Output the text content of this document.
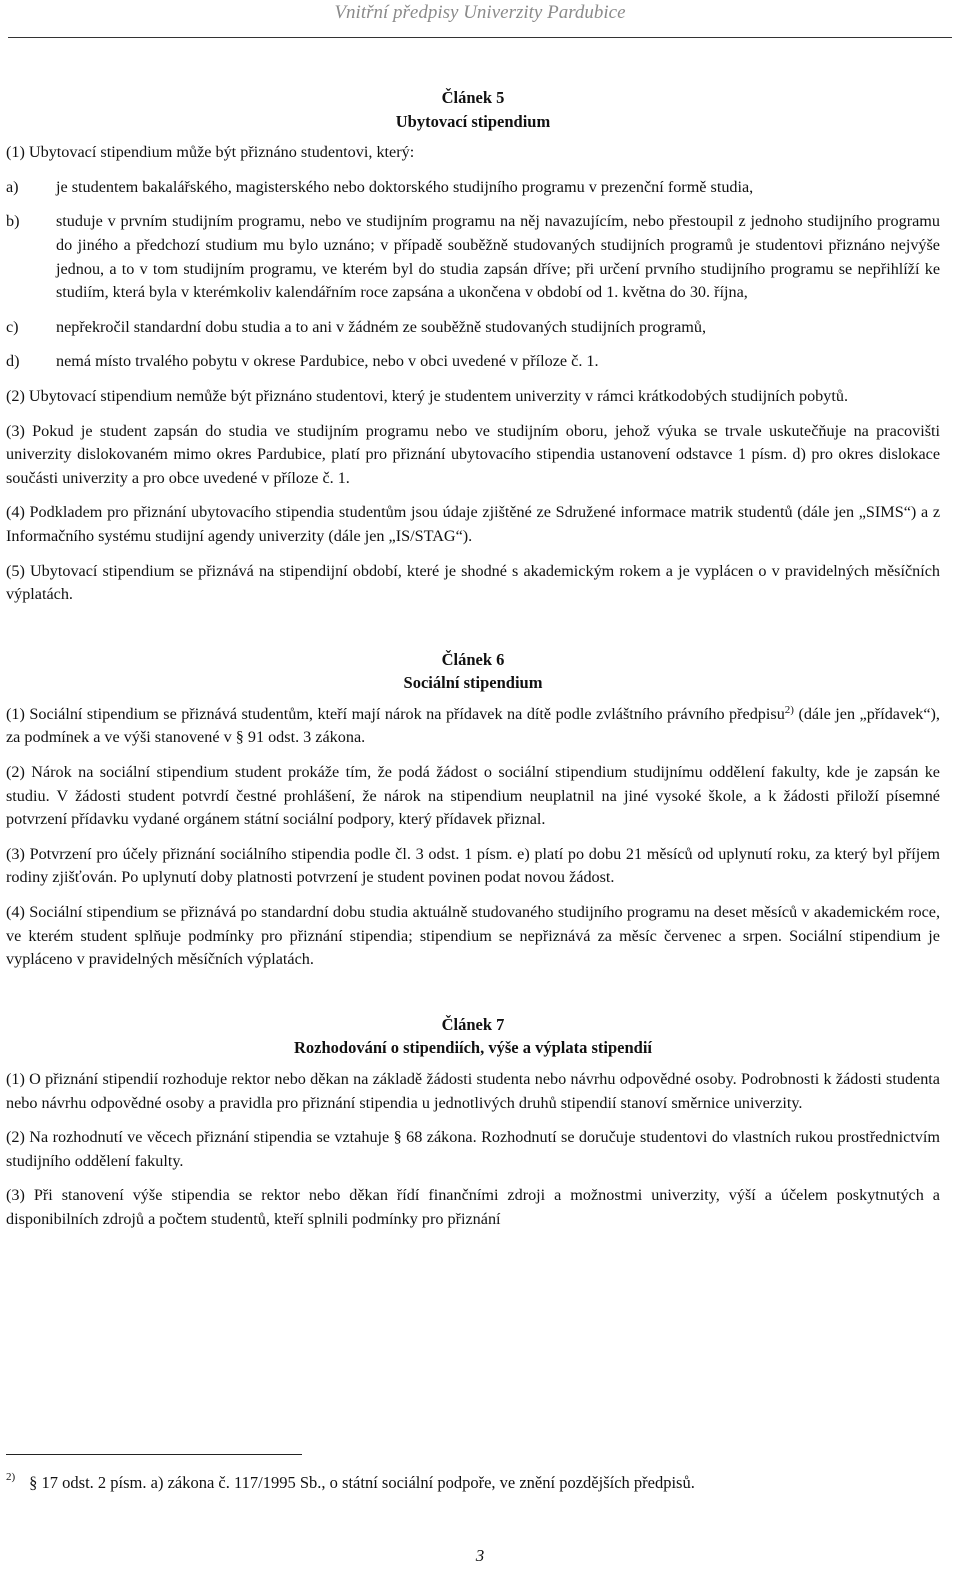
Vnitřní předpisy Univerzity Pardubice
Článek 5
Ubytovací stipendium

(1) Ubytovací stipendium může být přiznáno studentovi, který:

a) je studentem bakalářského, magisterského nebo doktorského studijního programu v prezenční formě studia,
b) studuje v prvním studijním programu, nebo ve studijním programu na něj navazujícím, nebo přestoupil z jednoho studijního programu do jiného a předchozí studium mu bylo uznáno; v případě souběžně studovaných studijních programů je studentovi přiznáno nejvýše jednou, a to v tom studijním programu, ve kterém byl do studia zapsán dříve; při určení prvního studijního programu se nepřihlíží ke studiím, která byla v kterémkoliv kalendářním roce zapsána a ukončena v období od 1. května do 30. října,
c) nepřekročil standardní dobu studia a to ani v žádném ze souběžně studovaných studijních programů,
d) nemá místo trvalého pobytu v okrese Pardubice, nebo v obci uvedené v příloze č. 1.

(2) Ubytovací stipendium nemůže být přiznáno studentovi, který je studentem univerzity v rámci krátkodobých studijních pobytů.

(3) Pokud je student zapsán do studia ve studijním programu nebo ve studijním oboru, jehož výuka se trvale uskutečňuje na pracovišti univerzity dislokovaném mimo okres Pardubice, platí pro přiznání ubytovacího stipendia ustanovení odstavce 1 písm. d) pro okres dislokace součásti univerzity a pro obce uvedené v příloze č. 1.

(4) Podkladem pro přiznání ubytovacího stipendia studentům jsou údaje zjištěné ze Sdružené informace matrik studentů (dále jen „SIMS“) a z Informačního systému studijní agendy univerzity (dále jen „IS/STAG“).

(5) Ubytovací stipendium se přiznává na stipendijní období, které je shodné s akademickým rokem a je vyplácen o v pravidelných měsíčních výplatách.

Článek 6
Sociální stipendium

(1) Sociální stipendium se přiznává studentům, kteří mají nárok na přídavek na dítě podle zvláštního právního předpisu$^{2)}$ (dále jen „přídavek“), za podmínek a ve výši stanovené v § 91 odst. 3 zákona.

(2) Nárok na sociální stipendium student prokáže tím, že podá žádost o sociální stipendium studijnímu oddělení fakulty, kde je zapsán ke studiu. V žádosti student potvrdí čestné prohlášení, že nárok na stipendium neuplatnil na jiné vysoké škole, a k žádosti přiloží písemné potvrzení přídavku vydané orgánem státní sociální podpory, který přídavek přiznal.

(3) Potvrzení pro účely přiznání sociálního stipendia podle čl. 3 odst. 1 písm. e) platí po dobu 21 měsíců od uplynutí roku, za který byl příjem rodiny zjišťován. Po uplynutí doby platnosti potvrzení je student povinen podat novou žádost.

(4) Sociální stipendium se přiznává po standardní dobu studia aktuálně studovaného studijního programu na deset měsíců v akademickém roce, ve kterém student splňuje podmínky pro přiznání stipendia; stipendium se nepřiznává za měsíc červenec a srpen. Sociální stipendium je vypláceno v pravidelných měsíčních výplatách.

Článek 7
Rozhodování o stipendiích, výše a výplata stipendií

(1) O přiznání stipendií rozhoduje rektor nebo děkan na základě žádosti studenta nebo návrhu odpovědné osoby. Podrobnosti k žádosti studenta nebo návrhu odpovědné osoby a pravidla pro přiznání stipendia u jednotlivých druhů stipendií stanoví směrnice univerzity.

(2) Na rozhodnutí ve věcech přiznání stipendia se vztahuje § 68 zákona. Rozhodnutí se doručuje studentovi do vlastních rukou prostřednictvím studijního oddělení fakulty.

(3) Při stanovení výše stipendia se rektor nebo děkan řídí finančními zdroji a možnostmi univerzity, výší a účelem poskytnutých a disponibilních zdrojů a počtem studentů, kteří splnili podmínky pro přiznání

$^{2)}$ § 17 odst. 2 písm. a) zákona č. 117/1995 Sb., o státní sociální podpoře, ve znění pozdějších předpisů.
3
